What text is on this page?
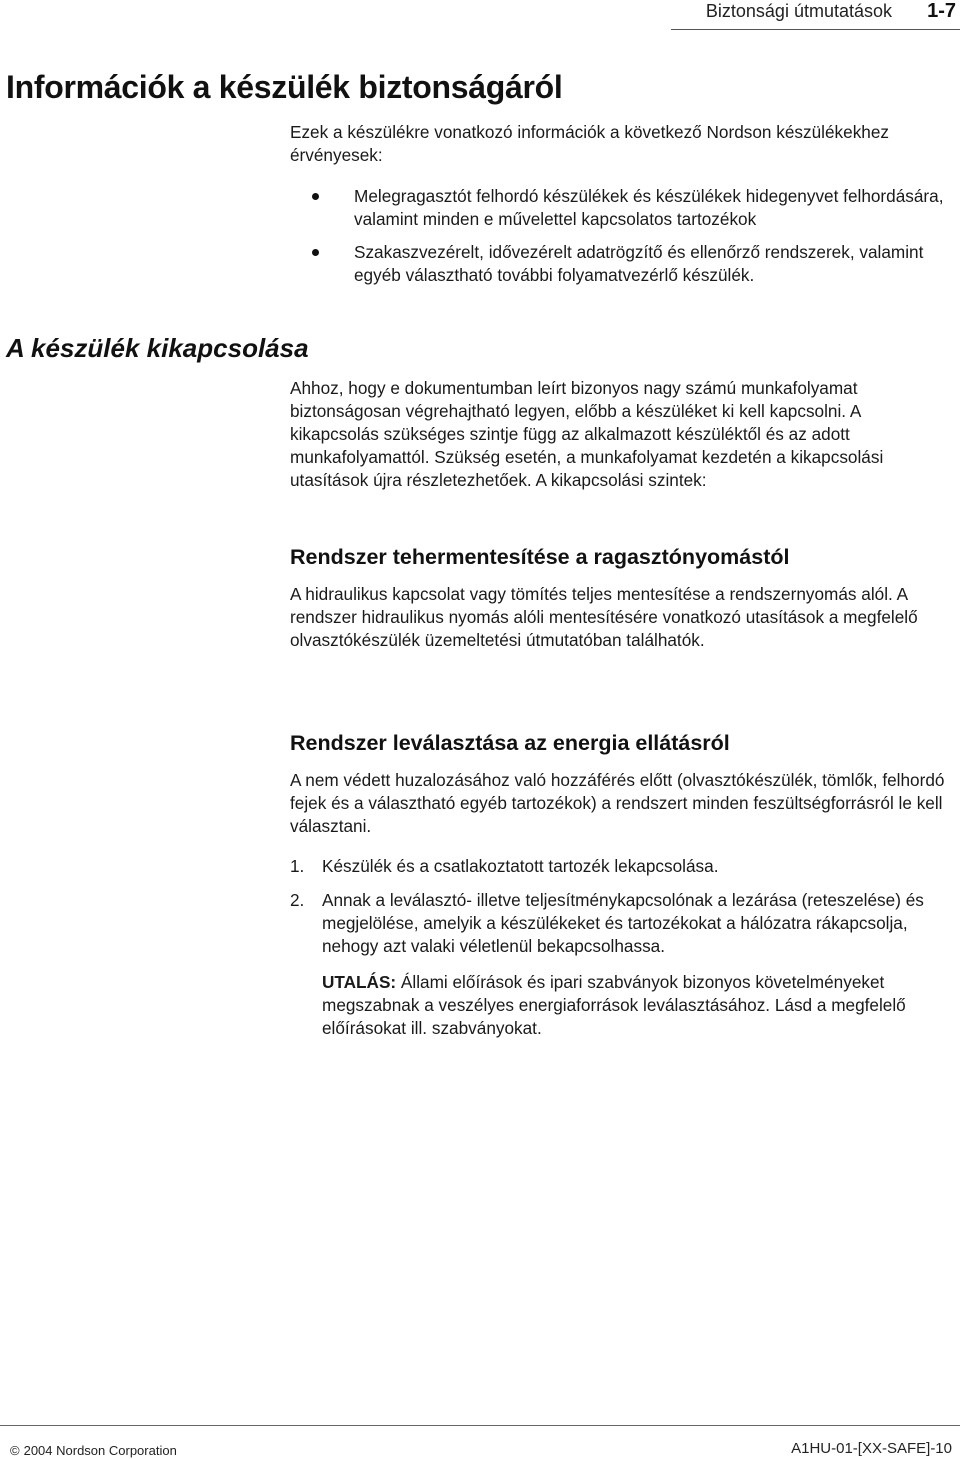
Biztonsági útmutatások 1-7
Információk a készülék biztonságáról
Ezek a készülékre vonatkozó információk a következő Nordson készülékekhez érvényesek:
Melegragasztót felhordó készülékek és készülékek hidegenyvet felhordására, valamint minden e művelettel kapcsolatos tartozékok
Szakaszvezérelt, idővezérelt adatrögzítő és ellenőrző rendszerek, valamint egyéb választható további folyamatvezérlő készülék.
A készülék kikapcsolása
Ahhoz, hogy e dokumentumban leírt bizonyos nagy számú munkafolyamat biztonságosan végrehajtható legyen, előbb a készüléket ki kell kapcsolni. A kikapcsolás szükséges szintje függ az alkalmazott készüléktől és az adott munkafolyamattól. Szükség esetén, a munkafolyamat kezdetén a kikapcsolási utasítások újra részletezhetőek. A kikapcsolási szintek:
Rendszer tehermentesítése a ragasztónyomástól
A hidraulikus kapcsolat vagy tömítés teljes mentesítése a rendszernyomás alól. A rendszer hidraulikus nyomás alóli mentesítésére vonatkozó utasítások a megfelelő olvasztókészülék üzemeltetési útmutatóban találhatók.
Rendszer leválasztása az energia ellátásról
A nem védett huzalozásához való hozzáférés előtt (olvasztókészülék, tömlők, felhordó fejek és a választható egyéb tartozékok) a rendszert minden feszültségforrásról le kell választani.
1. Készülék és a csatlakoztatott tartozék lekapcsolása.
2. Annak a leválasztó- illetve teljesítménykapcsolónak a lezárása (reteszelése) és megjelölése, amelyik a készülékeket és tartozékokat a hálózatra rákapcsolja, nehogy azt valaki véletlenül bekapcsolhassa.
UTALÁS: Állami előírások és ipari szabványok bizonyos követelményeket megszabnak a veszélyes energiaforrások leválasztásához. Lásd a megfelelő előírásokat ill. szabványokat.
© 2004 Nordson Corporation	A1HU-01-[XX-SAFE]-10
